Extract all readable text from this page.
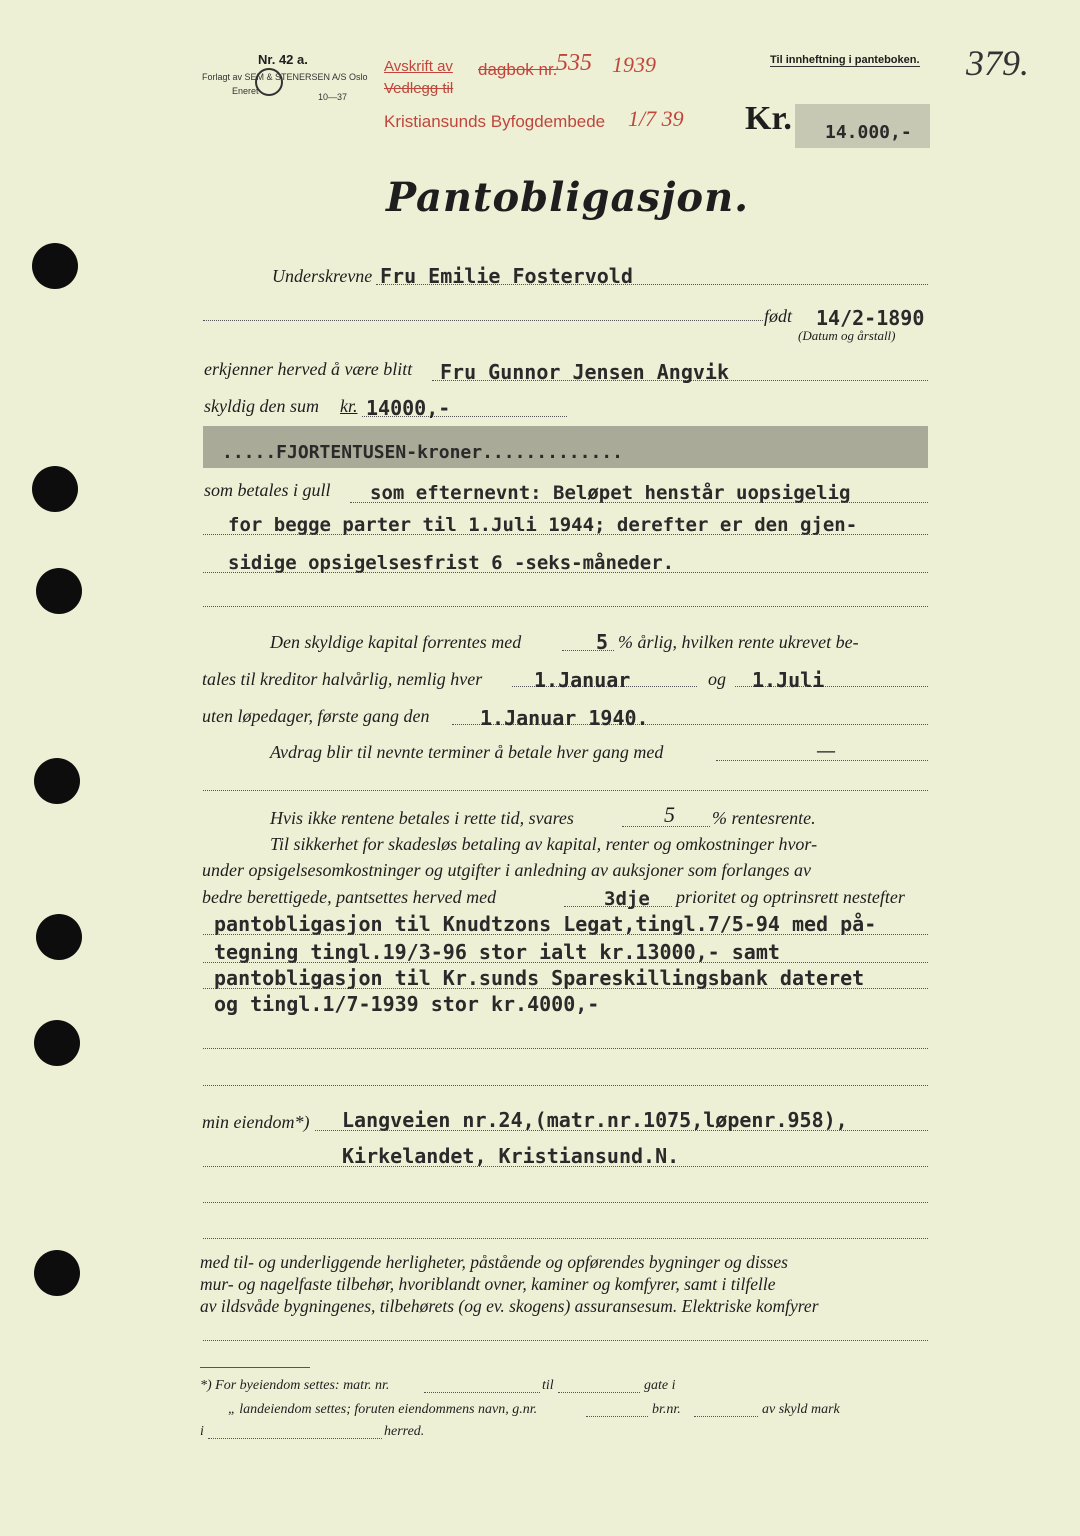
Nr. 42 a.
Forlagt av SEM & STENERSEN A/S Oslo
Eneret
10—37
Avskrift av
Vedlegg til
dagbok nr.
535 1939
Kristiansunds Byfogdembede 1/7 39
Til innheftning i panteboken. 379.
Kr.	14.000,-
Pantobligasjon.
Underskrevne Fru Emilie Fostervold
født 14/2-1890
(Datum og årstall)
erkjenner herved å være blitt Fru Gunnor Jensen Angvik
skyldig den sum kr. 14000,-
.....FJORTENTUSEN-kroner.............
som betales i gull som efternevnt: Beløpet henstår uopsigelig
for begge parter til 1.Juli 1944; derefter er den gjen-
sidige opsigelsesfrist 6 -seks-måneder.
Den skyldige kapital forrentes med	5 % årlig, hvilken rente ukrevet be-
tales til kreditor halvårlig, nemlig hver	1.Januar	og 1.Juli
uten løpedager, første gang den	1.Januar 1940.
Avdrag blir til nevnte terminer å betale hver gang med	—
Hvis ikke rentene betales i rette tid, svares	5 % rentesrente.
Til sikkerhet for skadesløs betaling av kapital, renter og omkostninger hvor-
under opsigelsesomkostninger og utgifter i anledning av auksjoner som forlanges av
bedre berettigede, pantsettes herved med	3dje prioritet og optrinsrett nestefter
pantobligasjon til Knudtzons Legat,tingl.7/5-94 med på-
tegning tingl.19/3-96 stor ialt kr.13000,- samt
pantobligasjon til Kr.sunds Spareskillingsbank dateret
og tingl.1/7-1939 stor kr.4000,-
min eiendom*) Langveien nr.24,(matr.nr.1075,løpenr.958),
Kirkelandet, Kristiansund.N.
med til- og underliggende herligheter, påstående og opførendes bygninger og disses
mur- og nagelfaste tilbehør, hvoriblandt ovner, kaminer og komfyrer, samt i tilfelle
av ildsvåde bygningenes, tilbehørets (og ev. skogens) assuransesum. Elektriske komfyrer
*) For byeiendom settes: matr. nr.	til	gate i
„ landeiendom settes; foruten eiendommens navn, g.nr.	br.nr.	av skyld mark
i	herred.
